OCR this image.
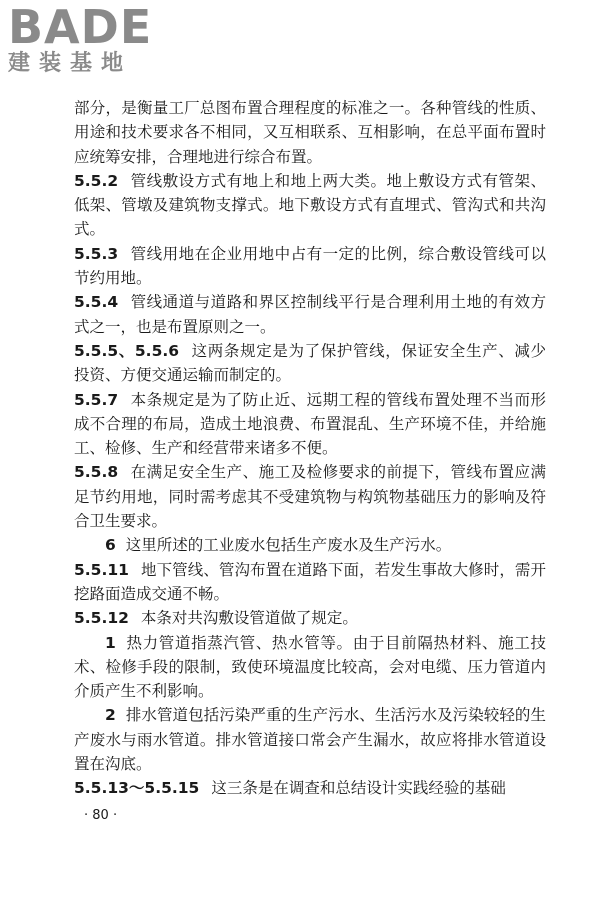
BADE
建装基地

部分，是衡量工厂总图布置合理程度的标准之一。各种管线的性质、用途和技术要求各不相同，又互相联系、互相影响，在总平面布置时应统筹安排，合理地进行综合布置。

5.5.2 管线敷设方式有地上和地上两大类。地上敷设方式有管架、低架、管墩及建筑物支撑式。地下敷设方式有直埋式、管沟式和共沟式。

5.5.3 管线用地在企业用地中占有一定的比例，综合敷设管线可以节约用地。

5.5.4 管线通道与道路和界区控制线平行是合理利用土地的有效方式之一，也是布置原则之一。

5.5.5、5.5.6 这两条规定是为了保护管线，保证安全生产、减少投资、方便交通运输而制定的。

5.5.7 本条规定是为了防止近、远期工程的管线布置处理不当而形成不合理的布局，造成土地浪费、布置混乱、生产环境不佳，并给施工、检修、生产和经营带来诸多不便。

5.5.8 在满足安全生产、施工及检修要求的前提下，管线布置应满足节约用地，同时需考虑其不受建筑物与构筑物基础压力的影响及符合卫生要求。

6 这里所述的工业废水包括生产废水及生产污水。

5.5.11 地下管线、管沟布置在道路下面，若发生事故大修时，需开挖路面造成交通不畅。

5.5.12 本条对共沟敷设管道做了规定。

1 热力管道指蒸汽管、热水管等。由于目前隔热材料、施工技术、检修手段的限制，致使环境温度比较高，会对电缆、压力管道内介质产生不利影响。

2 排水管道包括污染严重的生产污水、生活污水及污染较轻的生产废水与雨水管道。排水管道接口常会产生漏水，故应将排水管道设置在沟底。

5.5.13～5.5.15 这三条是在调查和总结设计实践经验的基础

· 80 ·
